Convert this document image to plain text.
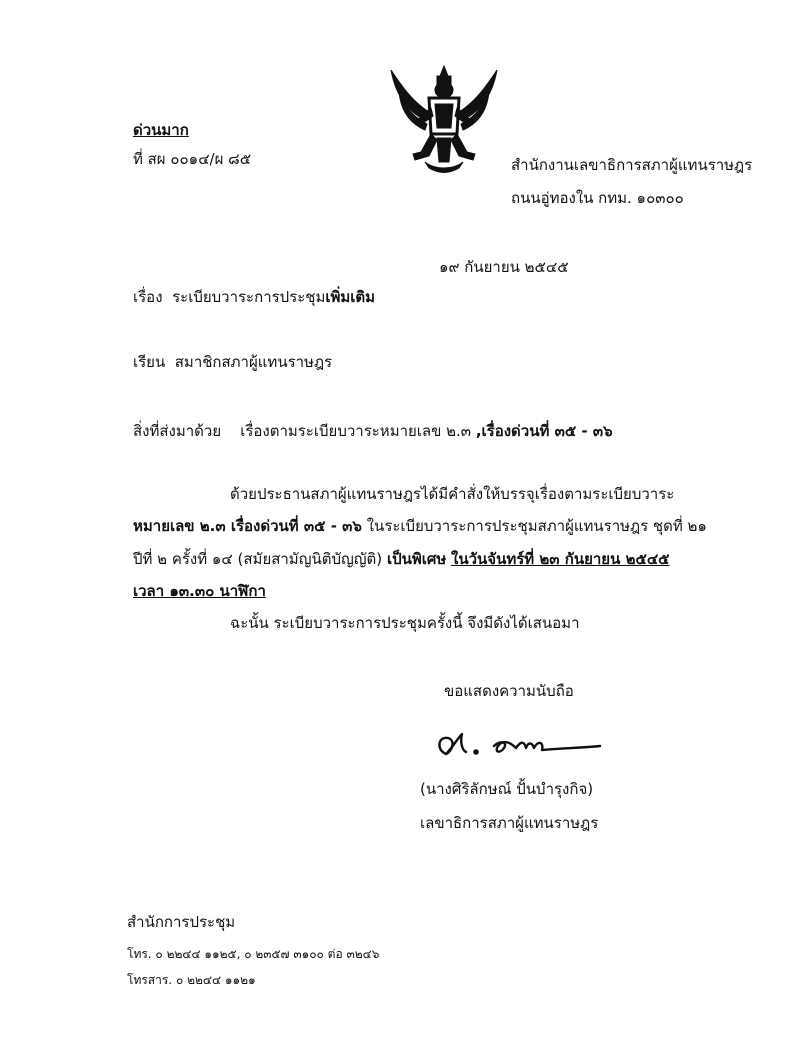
ด่วนมาก
ที่ สผ ๐๐๑๔/ผ ๘๕	สำนักงานเลขาธิการสภาผู้แทนราษฎร
ถนนอู่ทองใน กทม. ๑๐๓๐๐
๑๙ กันยายน ๒๕๔๕
เรื่อง ระเบียบวาระการประชุมเพิ่มเติม
เรียน สมาชิกสภาผู้แทนราษฎร
สิ่งที่ส่งมาด้วย เรื่องตามระเบียบวาระหมายเลข ๒.๓ ,เรื่องด่วนที่ ๓๕ - ๓๖
ด้วยประธานสภาผู้แทนราษฎรได้มีคำสั่งให้บรรจุเรื่องตามระเบียบวาระ
หมายเลข ๒.๓ เรื่องด่วนที่ ๓๕ - ๓๖ ในระเบียบวาระการประชุมสภาผู้แทนราษฎร ชุดที่ ๒๑
ปีที่ ๒ ครั้งที่ ๑๔ (สมัยสามัญนิติบัญญัติ) เป็นพิเศษ ในวันจันทร์ที่ ๒๓ กันยายน ๒๕๔๕
เวลา ๑๓.๓๐ นาฬิกา
ฉะนั้น ระเบียบวาระการประชุมครั้งนี้ จึงมีดังได้เสนอมา
ขอแสดงความนับถือ
(นางศิริลักษณ์ ปั้นบำรุงกิจ)
เลขาธิการสภาผู้แทนราษฎร
สำนักการประชุม
โทร. ๐ ๒๒๔๔ ๑๑๒๕, ๐ ๒๓๕๗ ๓๑๐๐ ต่อ ๓๒๔๖
โทรสาร. ๐ ๒๒๔๔ ๑๑๒๑
